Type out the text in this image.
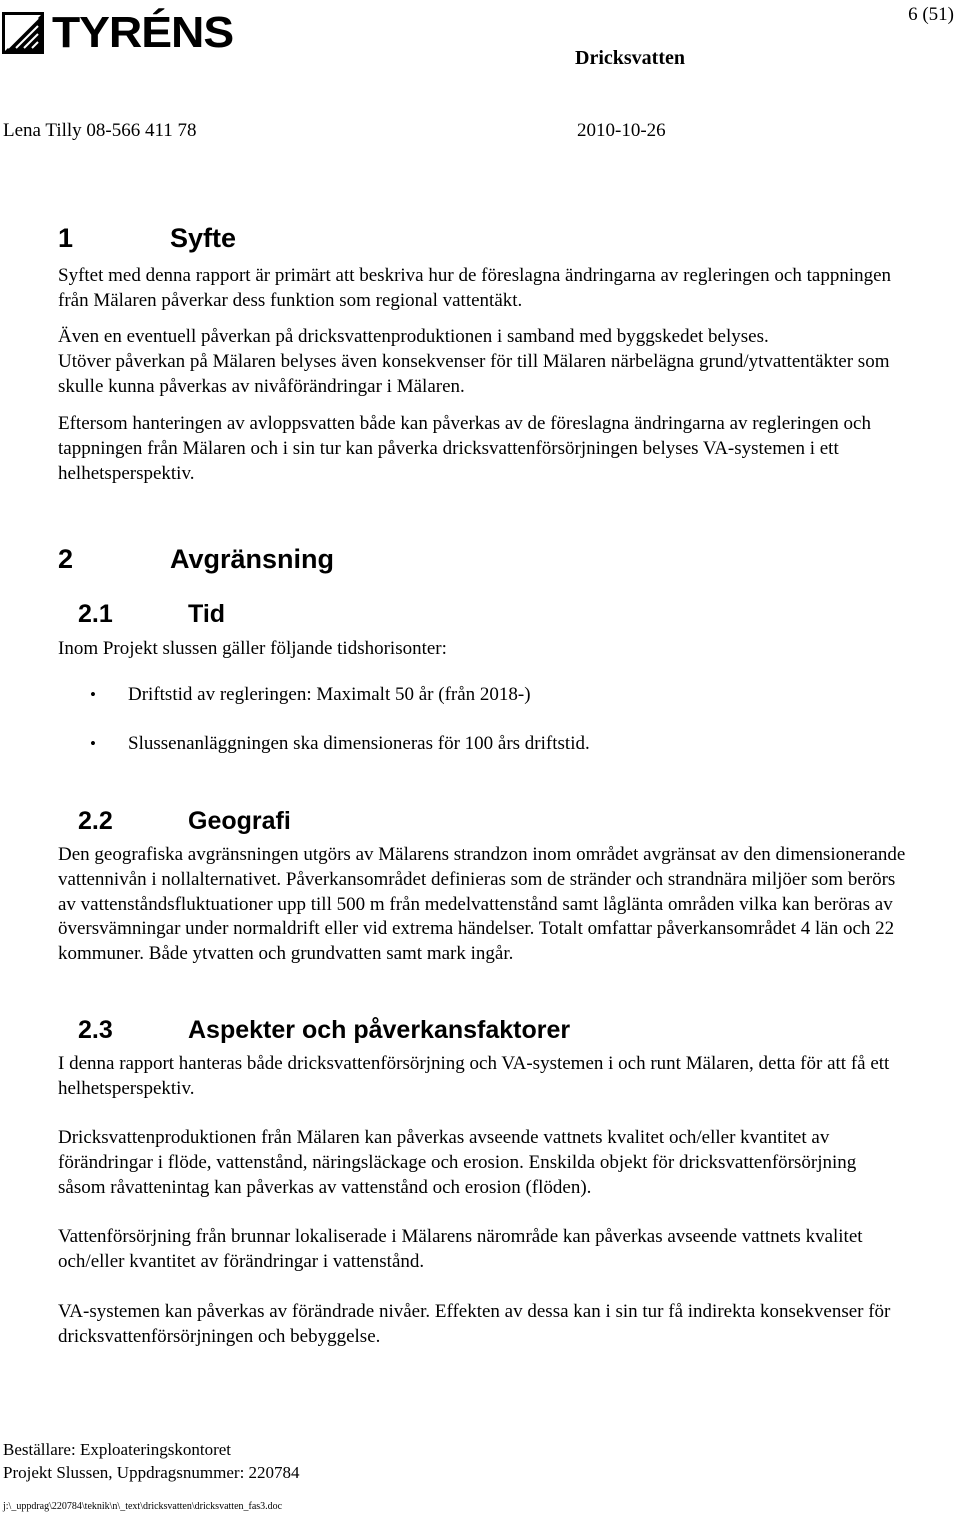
TYRÉNS	6 (51)
Dricksvatten
Lena Tilly 08-566 411 78	2010-10-26
1	Syfte

Syftet med denna rapport är primärt att beskriva hur de föreslagna ändringarna av regleringen och tappningen från Mälaren påverkar dess funktion som regional vattentäkt.

Även en eventuell påverkan på dricksvattenproduktionen i samband med byggskedet belyses.

Utöver påverkan på Mälaren belyses även konsekvenser för till Mälaren närbelägna grund/ytvattentäkter som skulle kunna påverkas av nivåförändringar i Mälaren.

Eftersom hanteringen av avloppsvatten både kan påverkas av de föreslagna ändringarna av regleringen och tappningen från Mälaren och i sin tur kan påverka dricksvattenförsörjningen belyses VA-systemen i ett helhetsperspektiv.

2	Avgränsning
2.1	Tid

Inom Projekt slussen gäller följande tidshorisonter:

•	Driftstid av regleringen: Maximalt 50 år (från 2018-)
•	Slussenanläggningen ska dimensioneras för 100 års driftstid.
2.2	Geografi

Den geografiska avgränsningen utgörs av Mälarens strandzon inom området avgränsat av den dimensionerande vattennivån i nollalternativet. Påverkansområdet definieras som de stränder och strandnära miljöer som berörs av vattenståndsfluktuationer upp till 500 m från medelvattenstånd samt låglänta områden vilka kan beröras av översvämningar under normaldrift eller vid extrema händelser. Totalt omfattar påverkansområdet 4 län och 22 kommuner. Både ytvatten och grundvatten samt mark ingår.

2.3	Aspekter och påverkansfaktorer

I denna rapport hanteras både dricksvattenförsörjning och VA-systemen i och runt Mälaren, detta för att få ett helhetsperspektiv.

Dricksvattenproduktionen från Mälaren kan påverkas avseende vattnets kvalitet och/eller kvantitet av förändringar i flöde, vattenstånd, näringsläckage och erosion. Enskilda objekt för dricksvattenförsörjning såsom råvattenintag kan påverkas av vattenstånd och erosion (flöden).

Vattenförsörjning från brunnar lokaliserade i Mälarens närområde kan påverkas avseende vattnets kvalitet och/eller kvantitet av förändringar i vattenstånd.

VA-systemen kan påverkas av förändrade nivåer. Effekten av dessa kan i sin tur få indirekta konsekvenser för dricksvattenförsörjningen och bebyggelse.

Beställare: Exploateringskontoret
Projekt Slussen, Uppdragsnummer: 220784
j:\_uppdrag\220784\teknik\n\_text\dricksvatten\dricksvatten_fas3.doc
